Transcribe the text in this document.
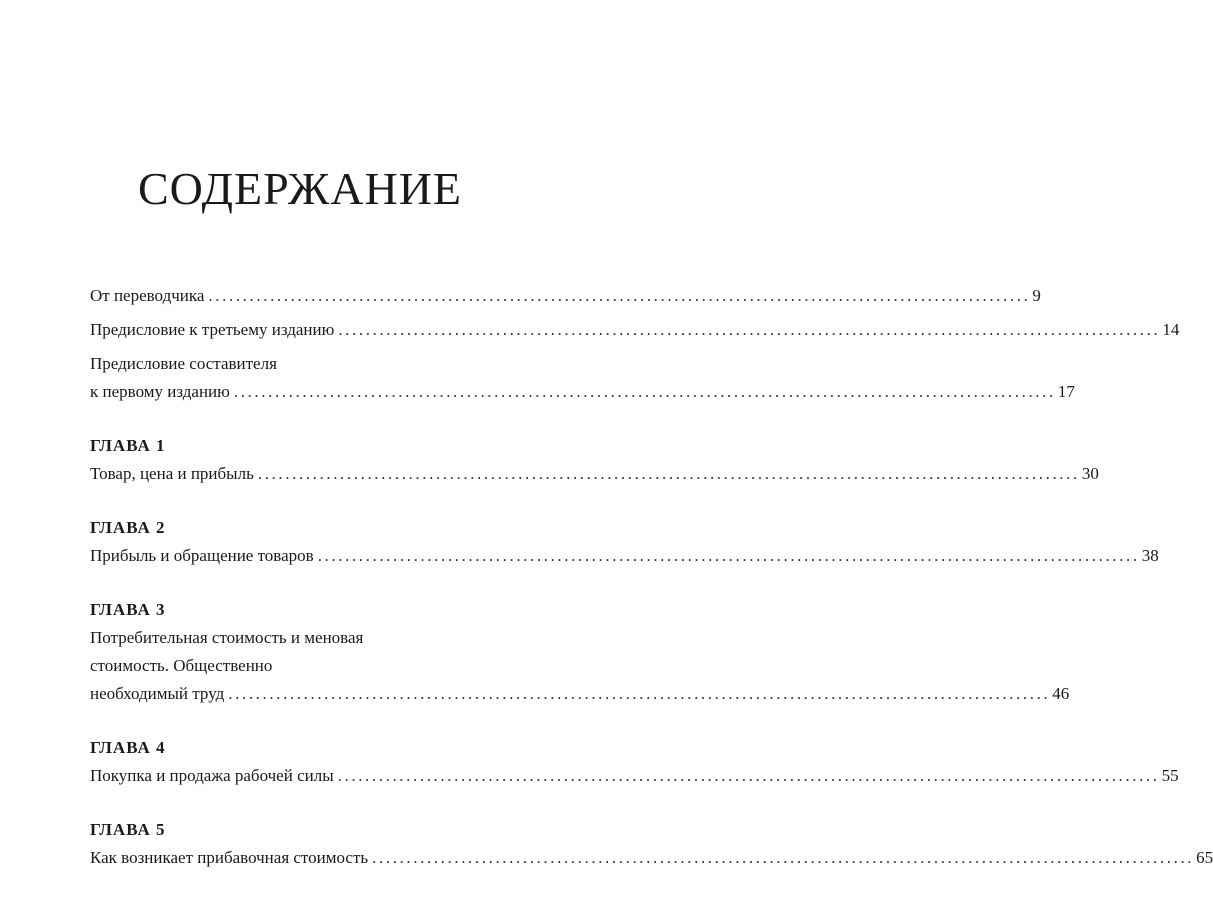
СОДЕРЖАНИЕ
От переводчика ........................................................................................................................ 9
Предисловие к третьему изданию ........................................................................................................................ 14
Предисловие составителя
к первому изданию ........................................................................................................................ 17
ГЛАВА 1
Товар, цена и прибыль ........................................................................................................................ 30
ГЛАВА 2
Прибыль и обращение товаров ........................................................................................................................ 38
ГЛАВА 3
Потребительная стоимость и меновая
стоимость. Общественно
необходимый труд ........................................................................................................................ 46
ГЛАВА 4
Покупка и продажа рабочей силы ........................................................................................................................ 55
ГЛАВА 5
Как возникает прибавочная стоимость ........................................................................................................................ 65
